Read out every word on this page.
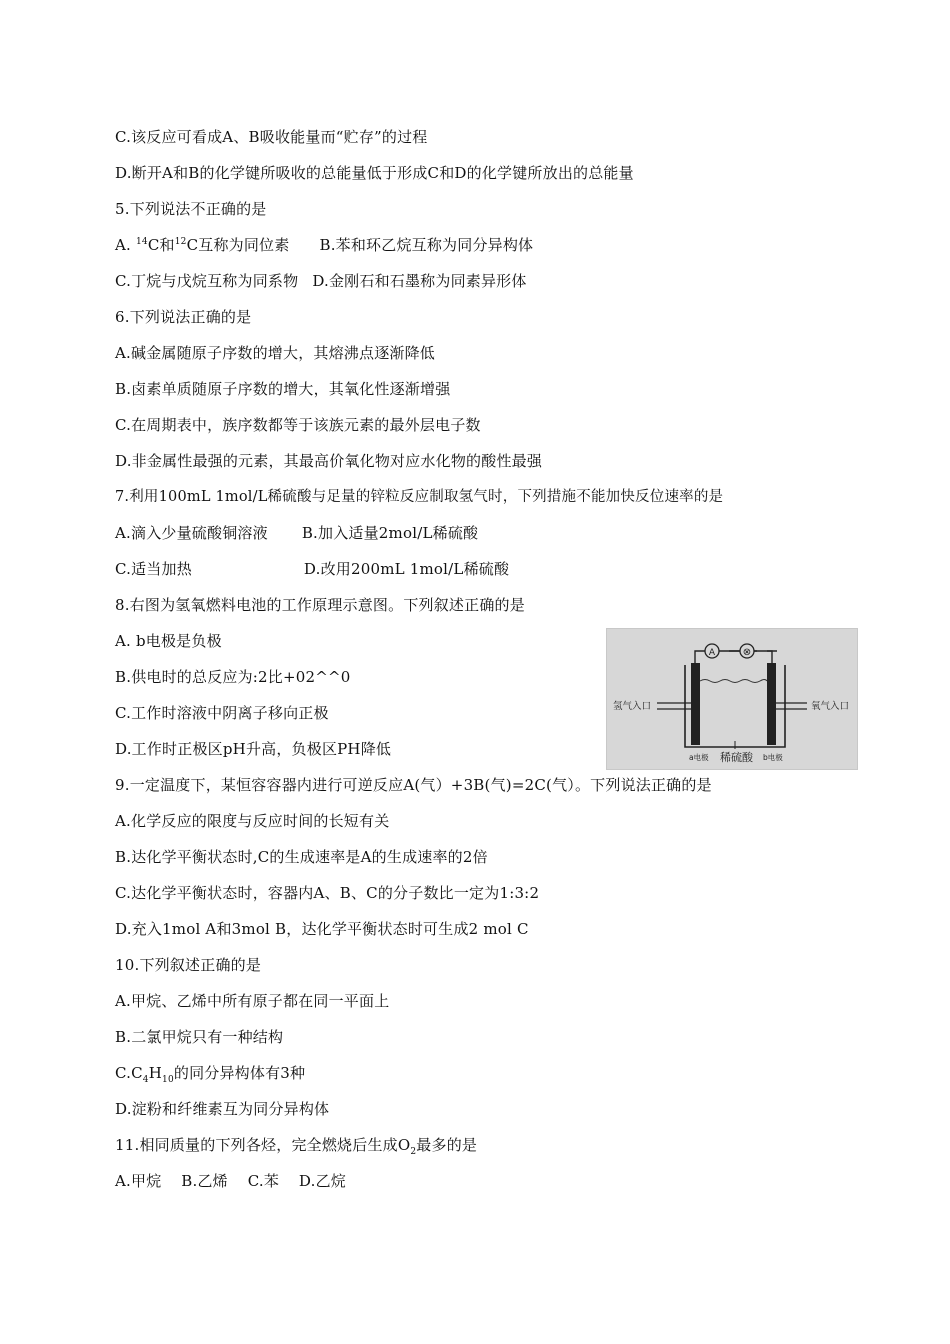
C.该反应可看成A、B吸收能量而“贮存”的过程
D.断开A和B的化学键所吸收的总能量低于形成C和D的化学键所放出的总能量
5.下列说法不正确的是
A. $^{14}$C和$^{12}$C互称为同位素 B.苯和环乙烷互称为同分异构体
C.丁烷与戊烷互称为同系物 D.金刚石和石墨称为同素异形体
6.下列说法正确的是
A.碱金属随原子序数的增大，其熔沸点逐渐降低
B.卤素单质随原子序数的增大，其氧化性逐渐增强
C.在周期表中，族序数都等于该族元素的最外层电子数
D.非金属性最强的元素，其最高价氧化物对应水化物的酸性最强
7.利用100mL 1mol/L稀硫酸与足量的锌粒反应制取氢气时，下列措施不能加快反位速率的是
A.滴入少量硫酸铜溶液 B.加入适量2mol/L稀硫酸
C.适当加热	D.改用200mL 1mol/L稀硫酸
8.右图为氢氧燃料电池的工作原理示意图。下列叙述正确的是
A. b电极是负极
B.供电时的总反应为:2比+02^^0
C.工作时溶液中阴离子移向正极
D.工作时正极区pH升高，负极区PH降低
A	⊗
氢气入口	氧气入口
a电极 稀硫酸 b电极
9.一定温度下，某恒容容器内进行可逆反应A(气）+3B(气)=2C(气）。下列说法正确的是
A.化学反应的限度与反应时间的长短有关
B.达化学平衡状态时,C的生成速率是A的生成速率的2倍
C.达化学平衡状态时，容器内A、B、C的分子数比一定为1:3:2
D.充入1mol A和3mol B，达化学平衡状态时可生成2 mol C
10.下列叙述正确的是
A.甲烷、乙烯中所有原子都在同一平面上
B.二氯甲烷只有一种结构
$C.C_4H_{10}$的同分异构体有3种
D.淀粉和纤维素互为同分异构体
11.相同质量的下列各烃，完全燃烧后生成$O_2$最多的是
A.甲烷    B.乙烯    C.苯    D.乙烷
